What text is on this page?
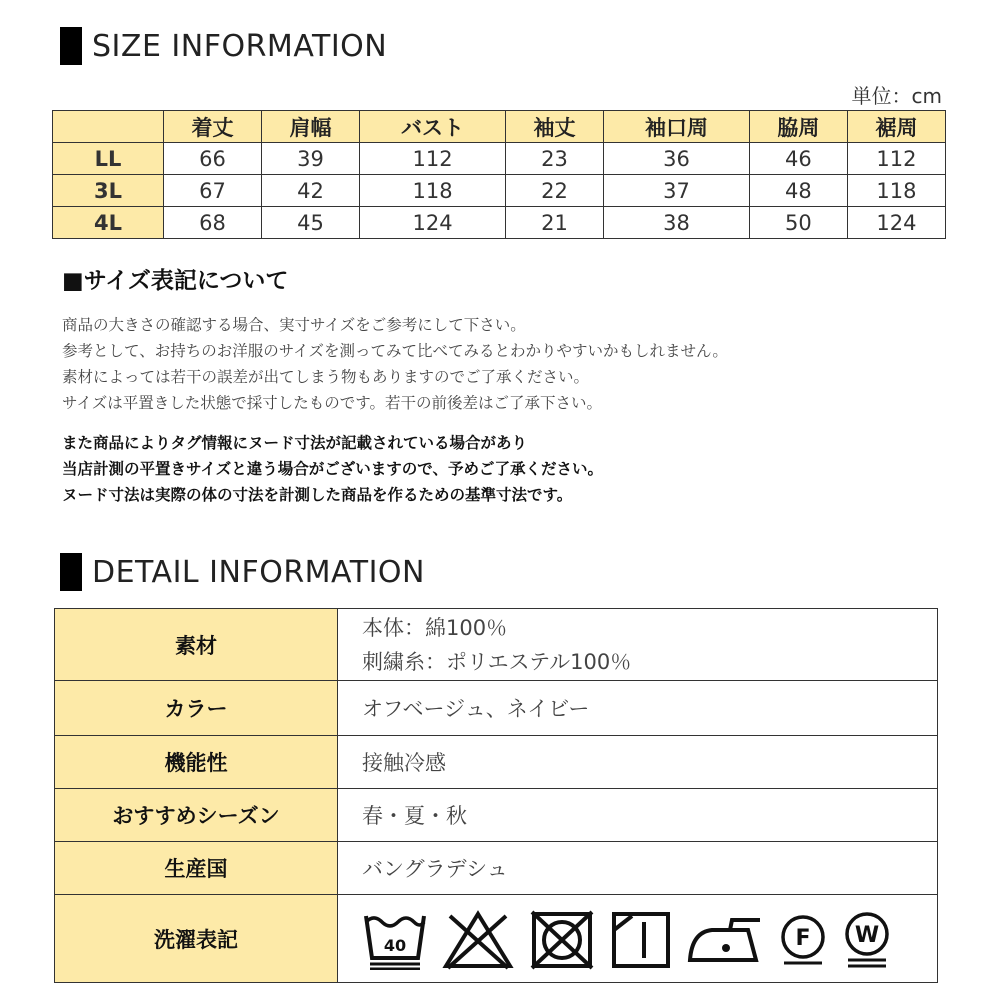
SIZE INFORMATION
単位：cm
	着丈	肩幅	バスト	袖丈	袖口周	脇周	裾周
LL	66	39	112	23	36	46	112
3L	67	42	118	22	37	48	118
4L	68	45	124	21	38	50	124
■サイズ表記について
商品の大きさの確認する場合、実寸サイズをご参考にして下さい。
参考として、お持ちのお洋服のサイズを測ってみて比べてみるとわかりやすいかもしれません。
素材によっては若干の誤差が出てしまう物もありますのでご了承ください。
サイズは平置きした状態で採寸したものです。若干の前後差はご了承下さい。
また商品によりタグ情報にヌード寸法が記載されている場合があり
当店計測の平置きサイズと違う場合がございますので、予めご了承ください。
ヌード寸法は実際の体の寸法を計測した商品を作るための基準寸法です。
DETAIL INFORMATION
素材	本体：綿100％
刺繍糸：ポリエステル100％

カラー	オフベージュ、ネイビー
機能性	接触冷感
おすすめシーズン	春・夏・秋
生産国	バングラデシュ
洗濯表記	40 F W
